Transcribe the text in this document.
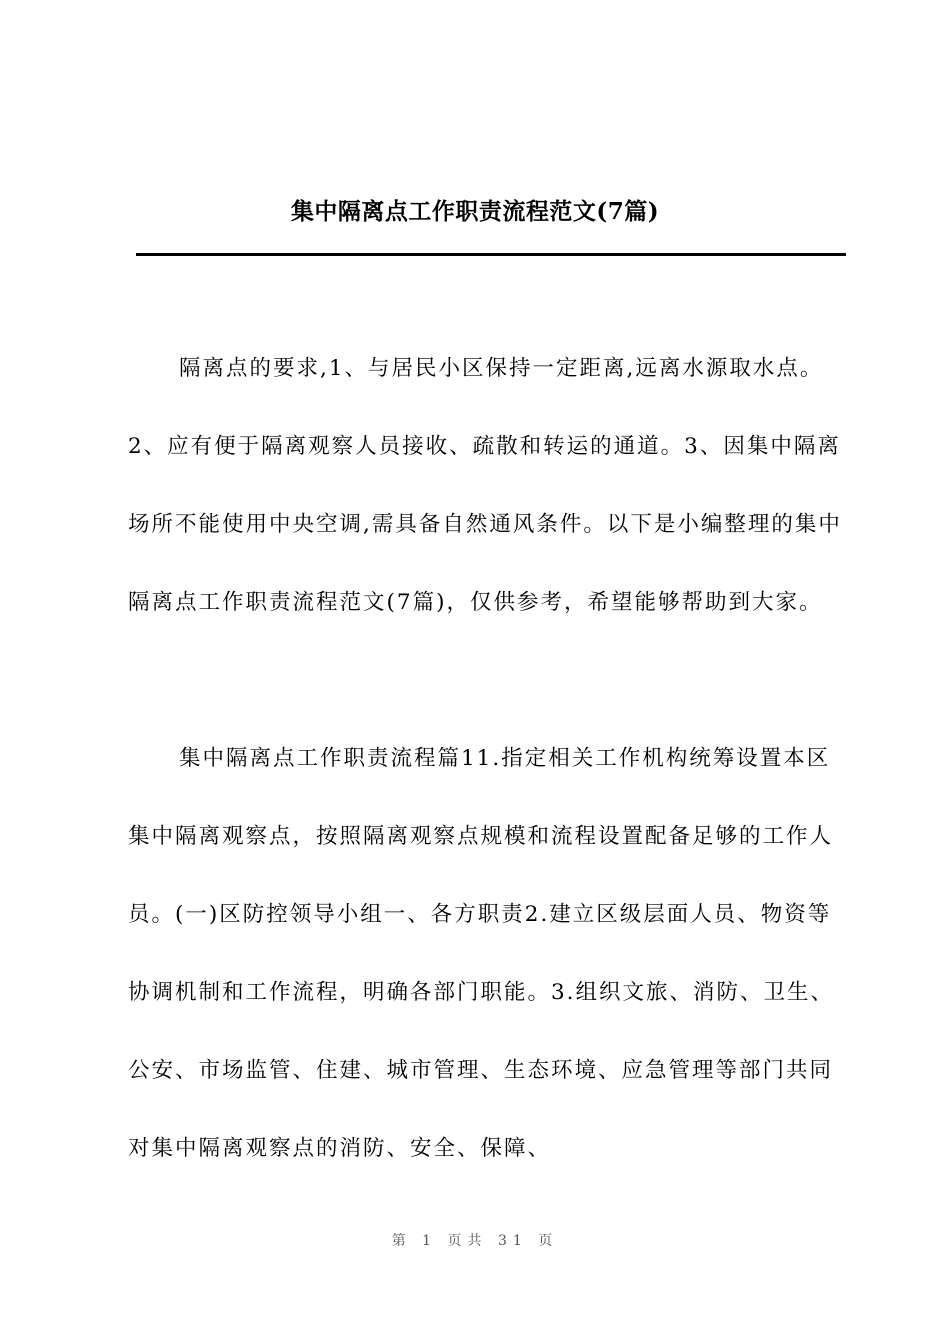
集中隔离点工作职责流程范文(7篇)

隔离点的要求,1、与居民小区保持一定距离,远离水源取水点。2、应有便于隔离观察人员接收、疏散和转运的通道。3、因集中隔离场所不能使用中央空调,需具备自然通风条件。以下是小编整理的集中隔离点工作职责流程范文(7篇)，仅供参考，希望能够帮助到大家。

集中隔离点工作职责流程篇11.指定相关工作机构统筹设置本区集中隔离观察点，按照隔离观察点规模和流程设置配备足够的工作人员。(一)区防控领导小组一、各方职责2.建立区级层面人员、物资等协调机制和工作流程，明确各部门职能。3.组织文旅、消防、卫生、公安、市场监管、住建、城市管理、生态环境、应急管理等部门共同对集中隔离观察点的消防、安全、保障、

第 1 页共 31 页
